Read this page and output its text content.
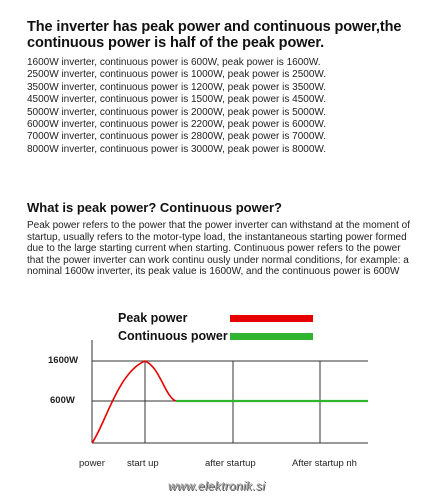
The inverter has peak power and continuous power,the continuous power is half of the peak power.
1600W inverter, continuous power is 600W, peak power is 1600W.
2500W inverter, continuous power is 1000W, peak power is 2500W.
3500W inverter, continuous power is 1200W, peak power is 3500W.
4500W inverter, continuous power is 1500W, peak power is 4500W.
5000W inverter, continuous power is 2000W, peak power is 5000W.
6000W inverter, continuous power is 2200W, peak power is 6000W.
7000W inverter, continuous power is 2800W, peak power is 7000W.
8000W inverter, continuous power is 3000W, peak power is 8000W.
What is peak power? Continuous power?

Peak power refers to the power that the power inverter can withstand at the moment of startup, usually refers to the motor-type load, the instantaneous starting power formed due to the large starting current when starting. Continuous power refers to the power that the power inverter can work continu ously under normal conditions, for example: a nominal 1600w inverter, its peak value is 1600W, and the continuous power is 600W

Peak power
Continuous power
1600W
600W
power start up	after startup	After startup nh
www.elektronik.si
